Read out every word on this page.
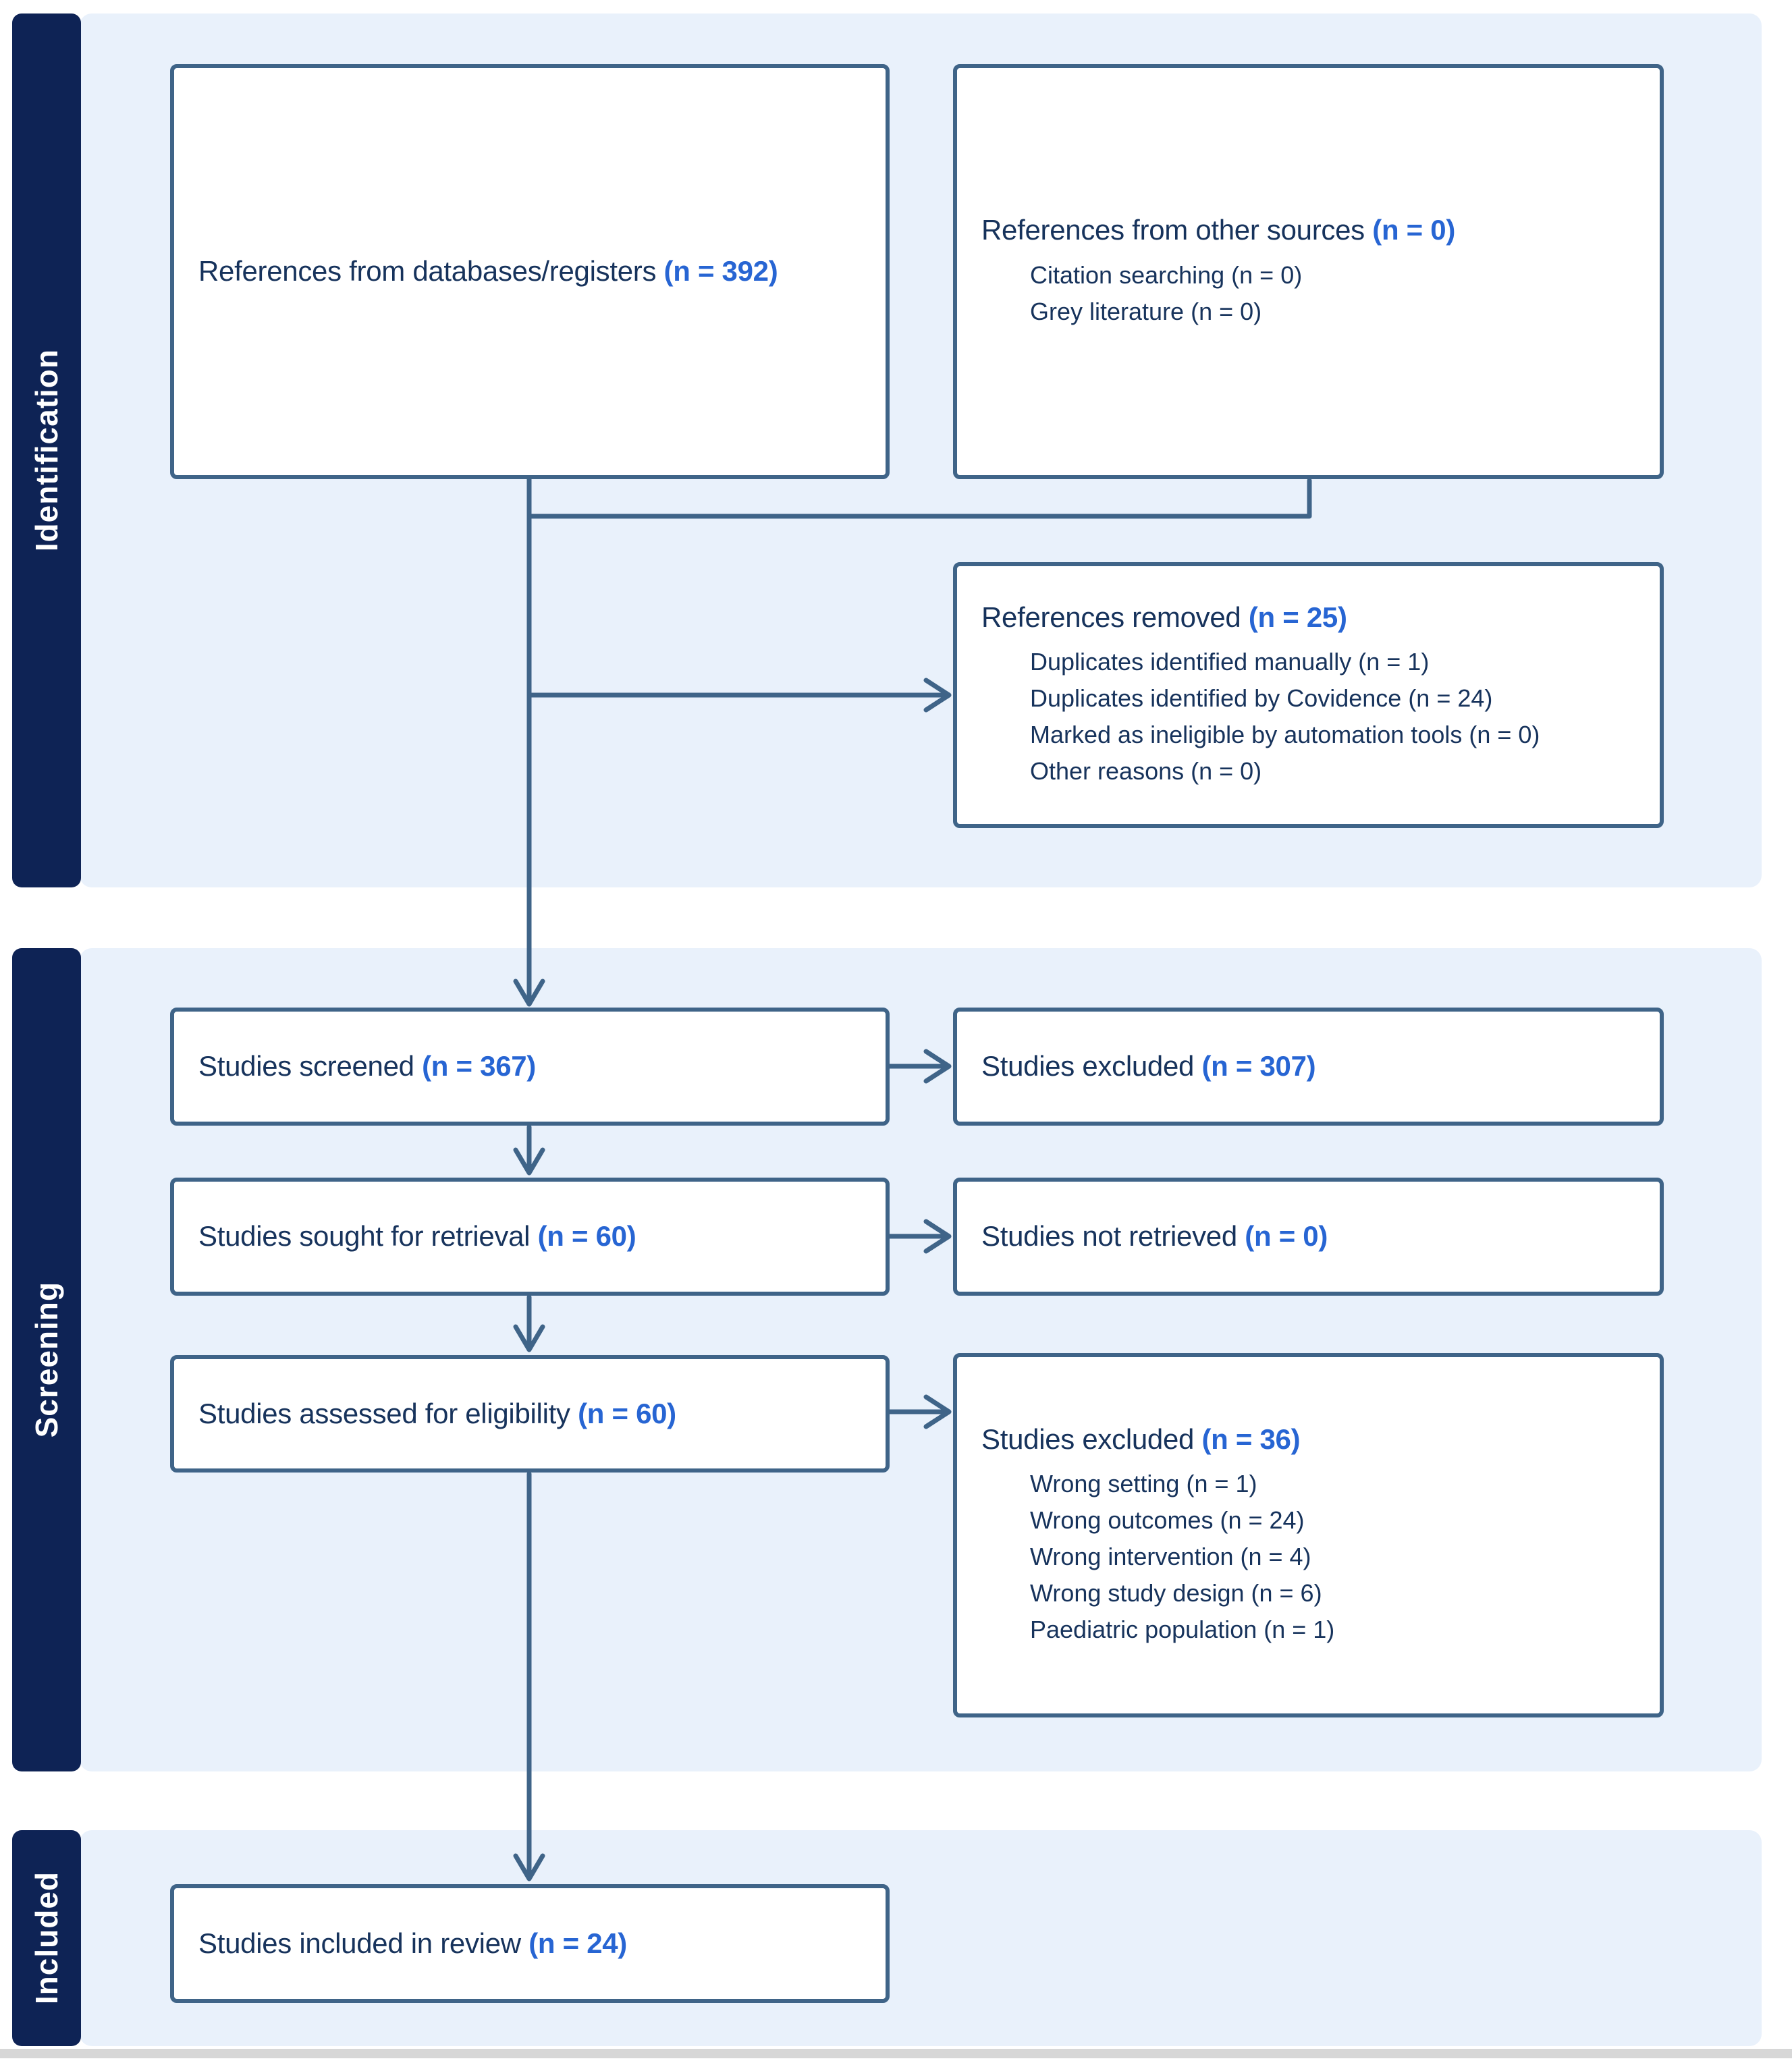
Identification
Screening
Included
References from databases/registers (n = 392)
References from other sources (n = 0)
Citation searching (n = 0)
Grey literature (n = 0)
References removed (n = 25)
Duplicates identified manually (n = 1)
Duplicates identified by Covidence (n = 24)
Marked as ineligible by automation tools (n = 0)
Other reasons (n = 0)
Studies screened (n = 367)	Studies excluded (n = 307)
Studies sought for retrieval (n = 60)	Studies not retrieved (n = 0)
Studies assessed for eligibility (n = 60)
Studies excluded (n = 36)
Wrong setting (n = 1)
Wrong outcomes (n = 24)
Wrong intervention (n = 4)
Wrong study design (n = 6)
Paediatric population (n = 1)
Studies included in review (n = 24)
